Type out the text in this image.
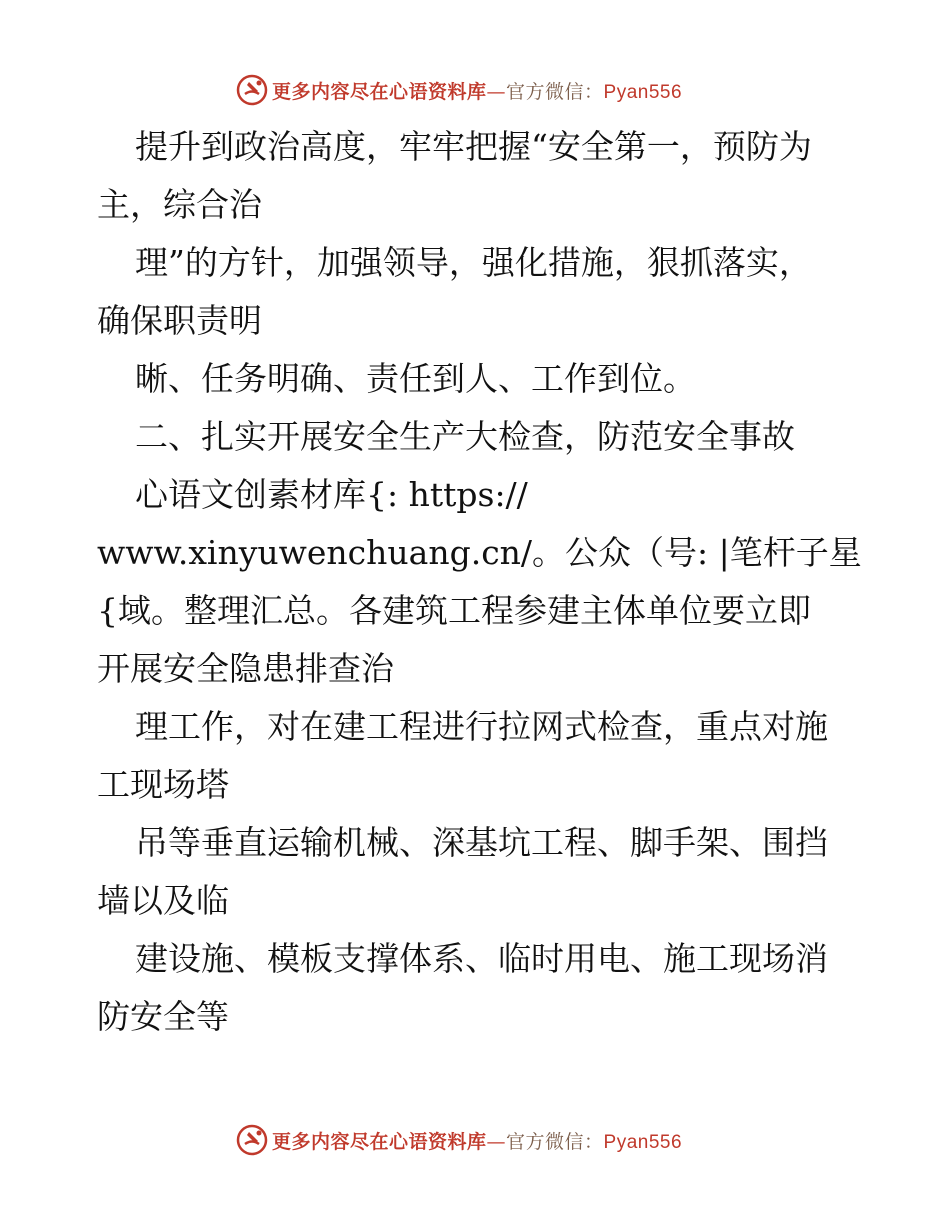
更多内容尽在心语资料库—官方微信：Pyan556
提升到政治高度，牢牢把握“安全第一，预防为
主，综合治
理”的方针，加强领导，强化措施，狠抓落实，
确保职责明
晰、任务明确、责任到人、工作到位。
二、扎实开展安全生产大检查，防范安全事故
心语文创素材库{: https://
www.xinyuwenchuang.cn/。公众（号: |笔杆子星
{域。整理汇总。各建筑工程参建主体单位要立即
开展安全隐患排查治
理工作，对在建工程进行拉网式检查，重点对施
工现场塔
吊等垂直运输机械、深基坑工程、脚手架、围挡
墙以及临
建设施、模板支撑体系、临时用电、施工现场消
防安全等
更多内容尽在心语资料库—官方微信：Pyan556
